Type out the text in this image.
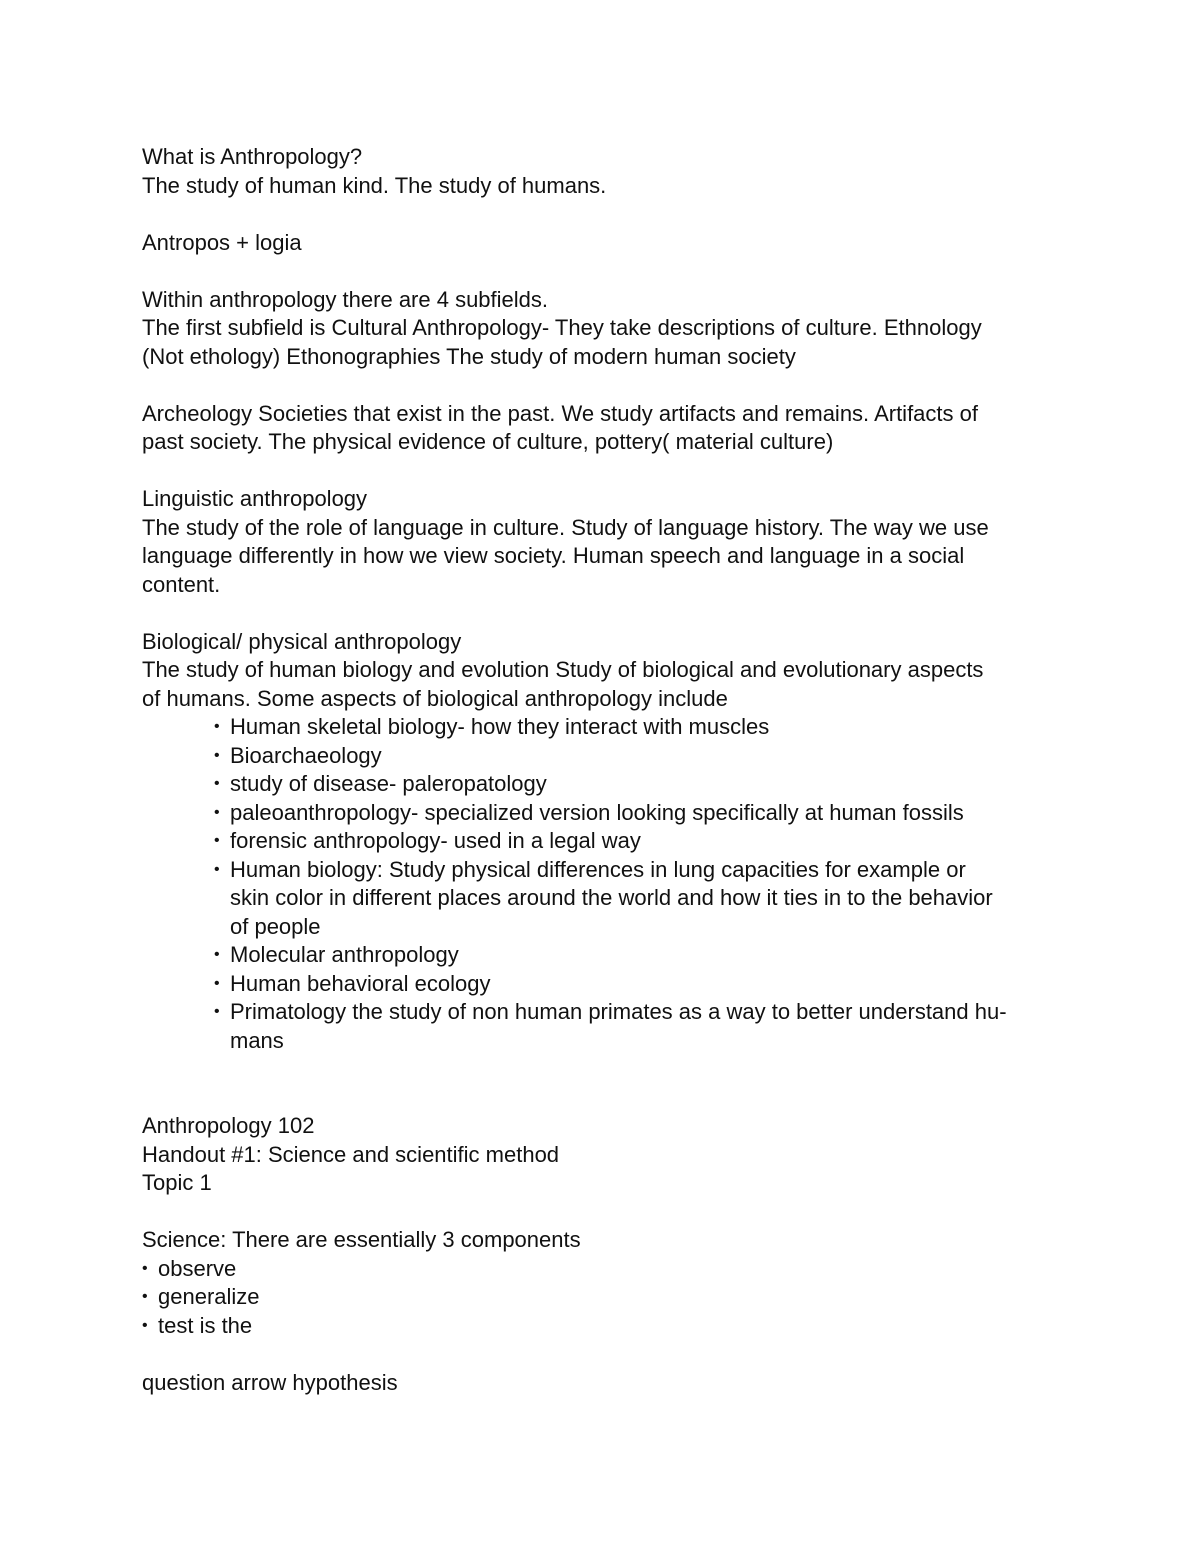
What is Anthropology?
The study of human kind. The study of humans.
Antropos + logia
Within anthropology there are 4 subfields.
The first subfield is Cultural Anthropology- They take descriptions of culture. Ethnology
(Not ethology) Ethonographies The study of modern human society
Archeology Societies that exist in the past. We study artifacts and remains. Artifacts of
past society. The physical evidence of culture, pottery( material culture)
Linguistic anthropology
The study of the role of language in culture. Study of language history. The way we use
language differently in how we view society. Human speech and language in a social
content.
Biological/ physical anthropology
The study of human biology and evolution Study of biological and evolutionary aspects
of humans. Some aspects of biological anthropology include
• Human skeletal biology- how they interact with muscles
• Bioarchaeology
• study of disease- paleropatology
• paleoanthropology- specialized version looking specifically at human fossils
• forensic anthropology- used in a legal way
• Human biology: Study physical differences in lung capacities for example or
skin color in different places around the world and how it ties in to the behavior
of people
• Molecular anthropology
• Human behavioral ecology
• Primatology the study of non human primates as a way to better understand hu-
mans
Anthropology 102
Handout #1: Science and scientific method
Topic 1
Science: There are essentially 3 components
• observe
• generalize
• test is the
question arrow hypothesis
